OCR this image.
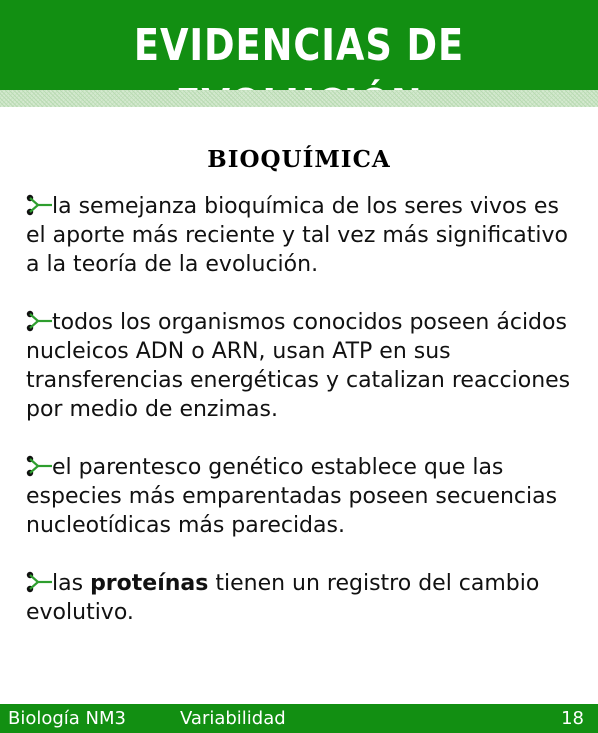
EVIDENCIAS DE
BIOQUÍMICA
la semejanza bioquímica de los seres vivos es el aporte más reciente y tal vez más significativo a la teoría de la evolución.
todos los organismos conocidos poseen ácidos nucleicos ADN o ARN, usan ATP en sus transferencias energéticas y catalizan reacciones por medio de enzimas.
el parentesco genético establece que las especies más emparentadas poseen secuencias nucleotídicas más parecidas.
las proteínas tienen un registro del cambio evolutivo.
Biología NM3	Variabilidad	18
